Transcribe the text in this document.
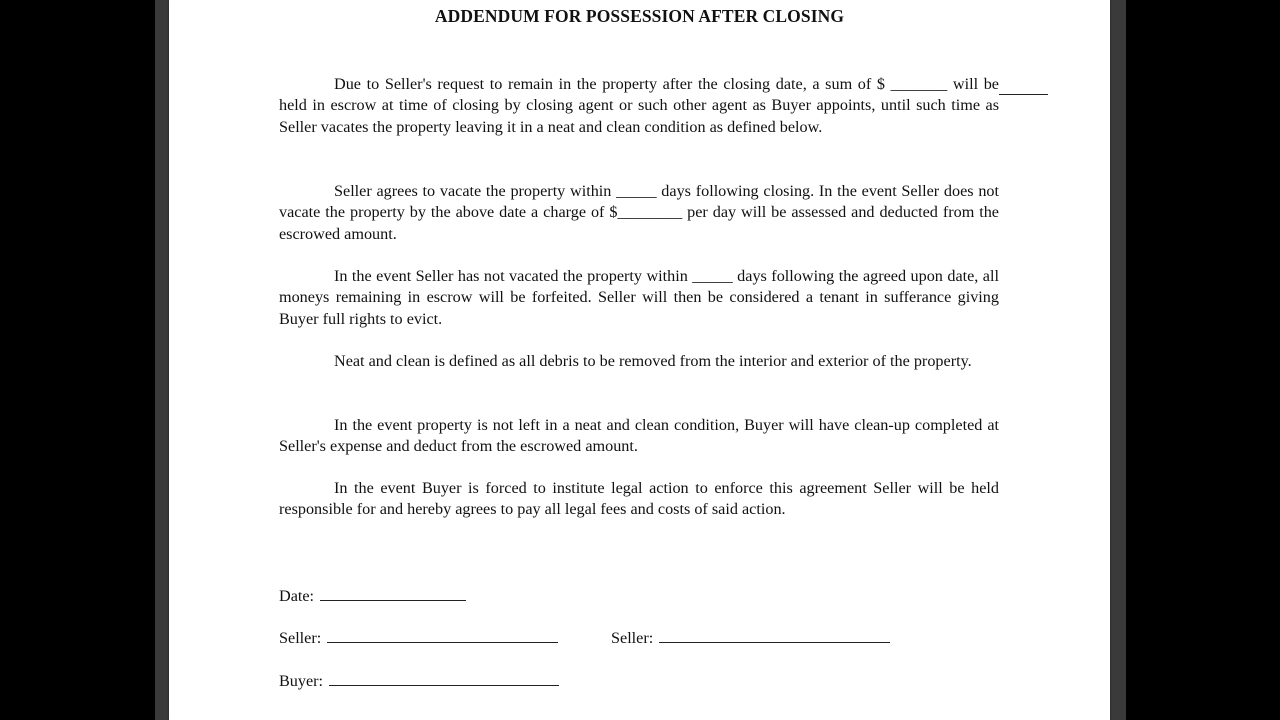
ADDENDUM FOR POSSESSION AFTER CLOSING
Due to Seller's request to remain in the property after the closing date, a sum of $ _______ will be held in escrow at time of closing by closing agent or such other agent as Buyer appoints, until such time as Seller vacates the property leaving it in a neat and clean condition as defined below.
Seller agrees to vacate the property within _____ days following closing. In the event Seller does not vacate the property by the above date a charge of $________ per day will be assessed and deducted from the escrowed amount.
In the event Seller has not vacated the property within _____ days following the agreed upon date, all moneys remaining in escrow will be forfeited. Seller will then be considered a tenant in sufferance giving Buyer full rights to evict.
Neat and clean is defined as all debris to be removed from the interior and exterior of the property.
In the event property is not left in a neat and clean condition, Buyer will have clean-up completed at Seller's expense and deduct from the escrowed amount.
In the event Buyer is forced to institute legal action to enforce this agreement Seller will be held responsible for and hereby agrees to pay all legal fees and costs of said action.
Date:
Seller:	Seller:
Buyer:
